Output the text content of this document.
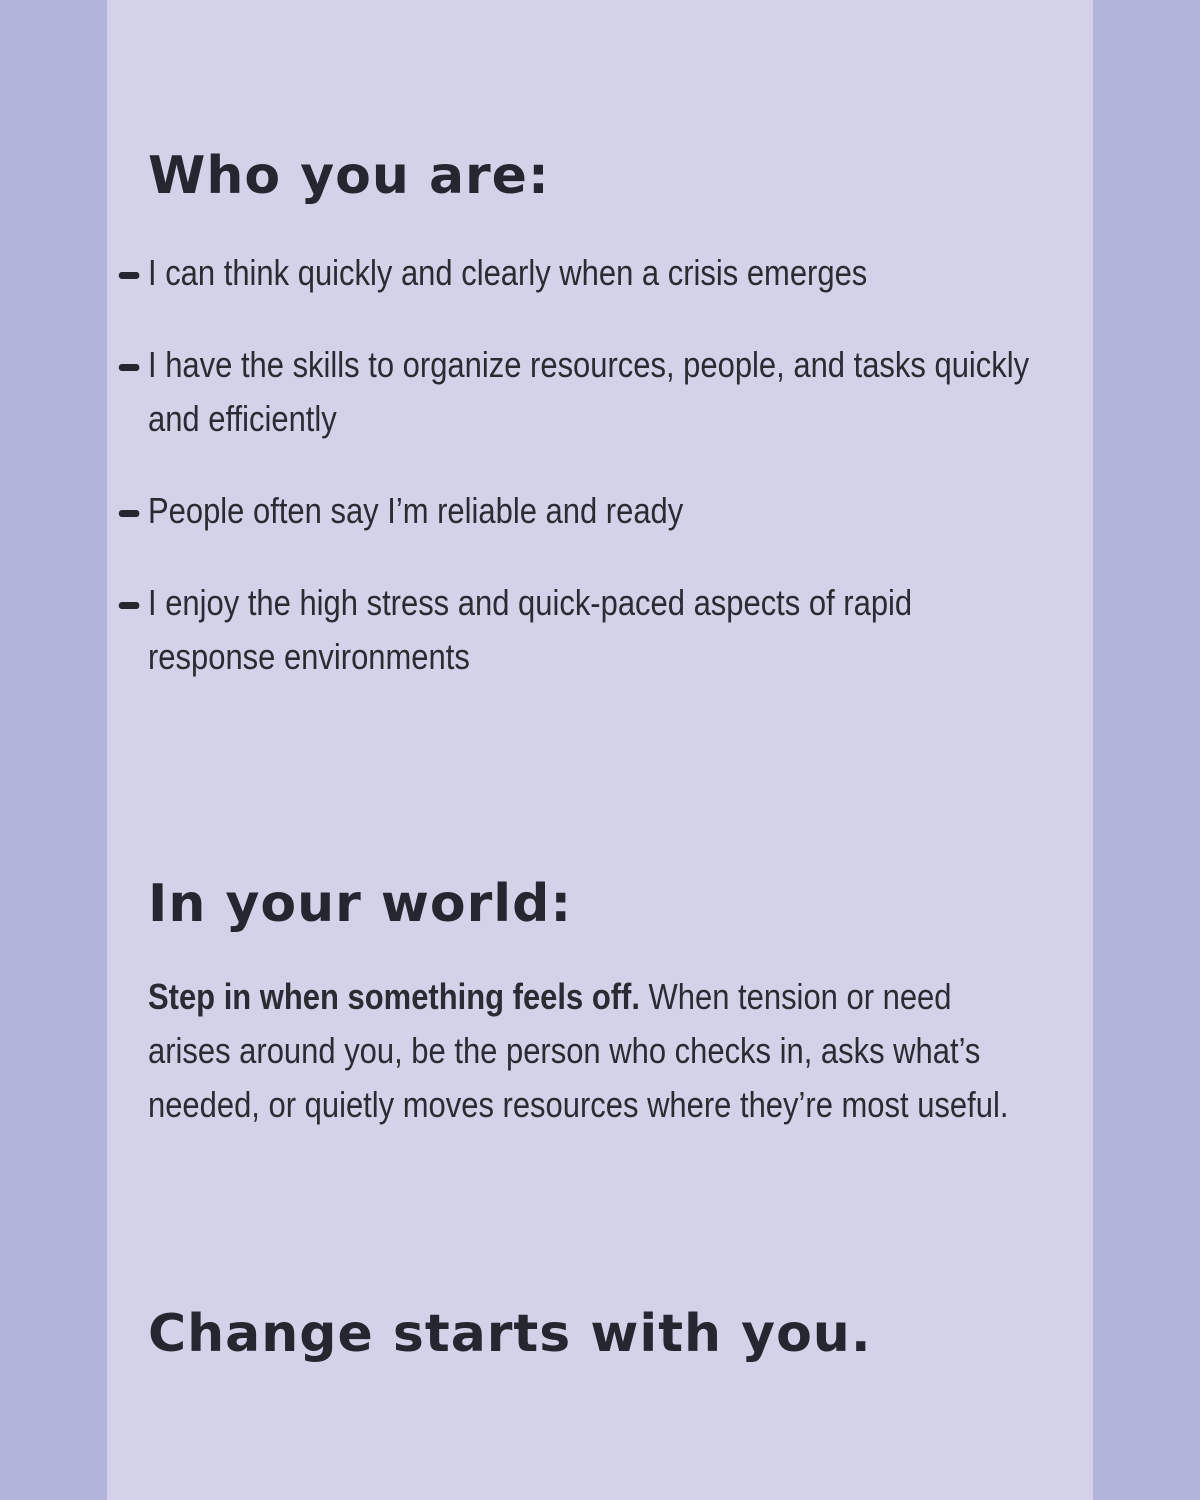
Who you are:
I can think quickly and clearly when a crisis emerges
I have the skills to organize resources, people, and tasks quickly and efficiently
People often say I’m reliable and ready
I enjoy the high stress and quick-paced aspects of rapid response environments
In your world:

Step in when something feels off. When tension or need arises around you, be the person who checks in, asks what’s needed, or quietly moves resources where they’re most useful.

Change starts with you.
